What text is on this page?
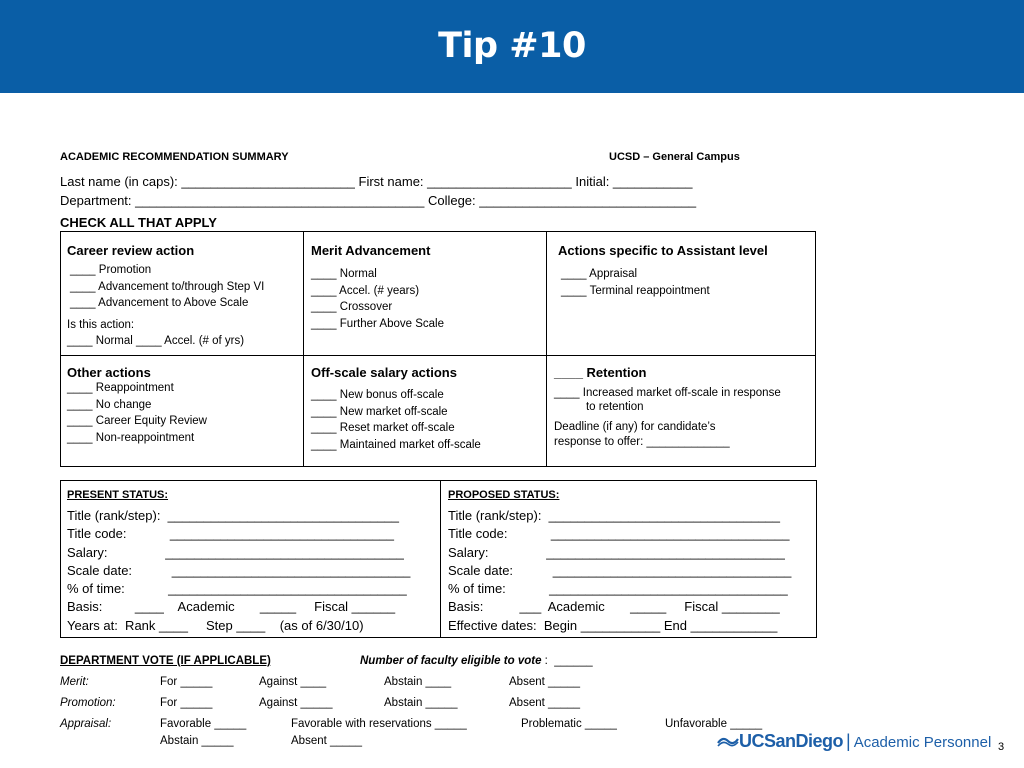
Tip #10
ACADEMIC RECOMMENDATION SUMMARY	UCSD – General Campus
Last name (in caps): ________________________ First name: ____________________ Initial: ___________
Department: ________________________________________ College: ______________________________
CHECK ALL THAT APPLY
Career review action
____ Promotion
____ Advancement to/through Step VI
____ Advancement to Above Scale
Is this action:
____ Normal ____ Accel. (# of yrs)
Merit Advancement
____ Normal
____ Accel. (# years)
____ Crossover
____ Further Above Scale
Actions specific to Assistant level
____ Appraisal
____ Terminal reappointment
Other actions
____ Reappointment
____ No change
____ Career Equity Review
____ Non-reappointment
Off-scale salary actions
____ New bonus off-scale
____ New market off-scale
____ Reset market off-scale
____ Maintained market off-scale
____ Retention
____ Increased market off-scale in response
to retention
Deadline (if any) for candidate’s
response to offer: _____________
PRESENT STATUS:
Title (rank/step):  ________________________________
Title code:            _______________________________
Salary:                _________________________________
Scale date:           _________________________________
% of time:            _________________________________
Basis:         ____    Academic       _____     Fiscal ______
Years at:  Rank ____     Step ____    (as of 6/30/10)
PROPOSED STATUS:
Title (rank/step):  ________________________________
Title code:            _________________________________
Salary:                _________________________________
Scale date:           _________________________________
% of time:            _________________________________
Basis:          ___  Academic       _____     Fiscal ________
Effective dates:  Begin ___________ End ____________
DEPARTMENT VOTE (IF APPLICABLE)	Number of faculty eligible to vote :  ______
Merit:	For _____	Against ____	Abstain ____	Absent _____
Promotion:	For _____	Against _____	Abstain _____	Absent _____
Appraisal:	Favorable _____	Favorable with reservations _____	Problematic _____	Unfavorable _____
Abstain _____	Absent _____	UCSanDiego | Academic Personnel 3
